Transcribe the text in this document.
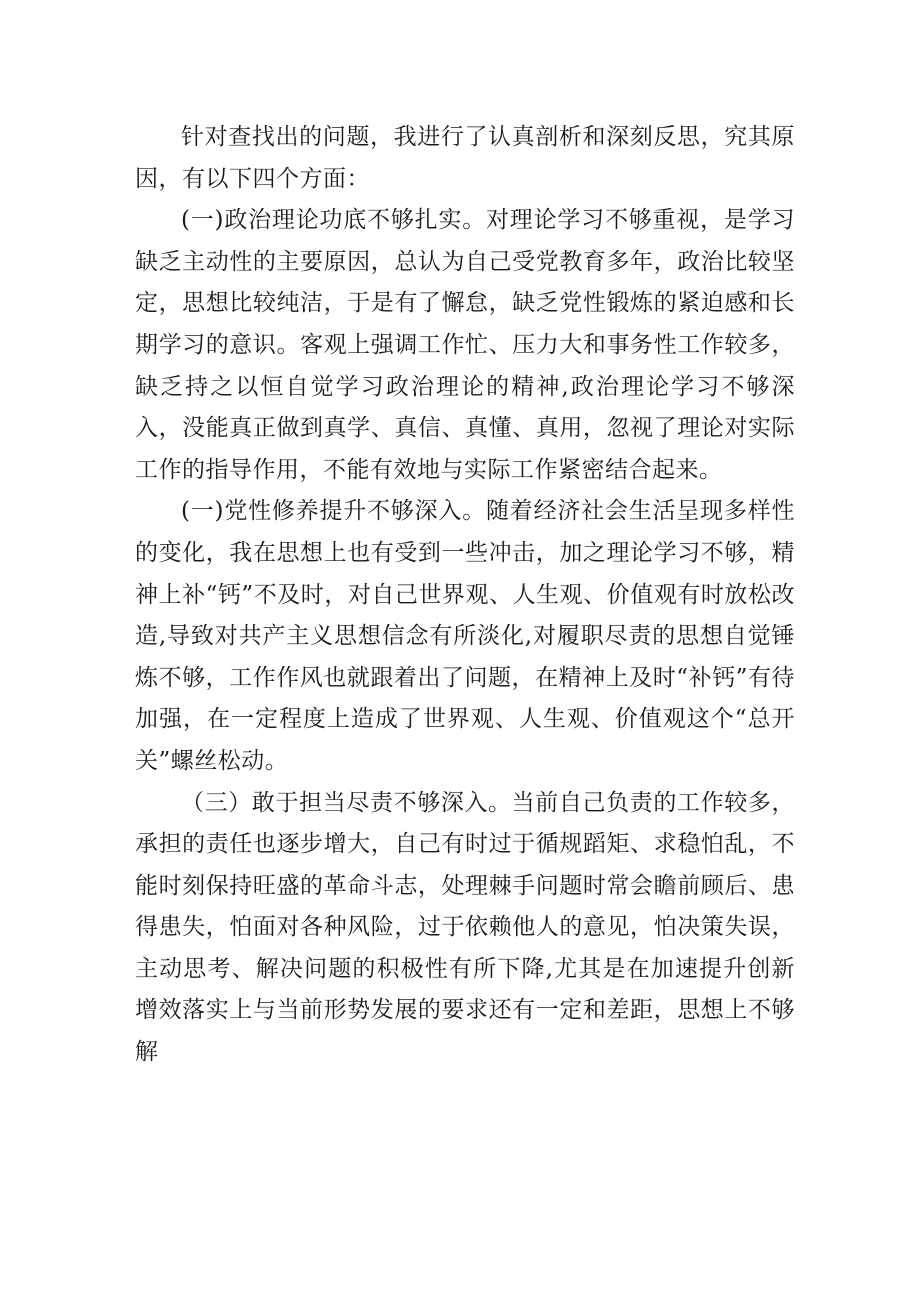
针对查找出的问题，我进行了认真剖析和深刻反思，究其原因，有以下四个方面：

(一)政治理论功底不够扎实。对理论学习不够重视，是学习缺乏主动性的主要原因，总认为自己受党教育多年，政治比较坚定，思想比较纯洁，于是有了懈怠，缺乏党性锻炼的紧迫感和长期学习的意识。客观上强调工作忙、压力大和事务性工作较多，缺乏持之以恒自觉学习政治理论的精神,政治理论学习不够深入，没能真正做到真学、真信、真懂、真用，忽视了理论对实际工作的指导作用，不能有效地与实际工作紧密结合起来。

(一)党性修养提升不够深入。随着经济社会生活呈现多样性的变化，我在思想上也有受到一些冲击，加之理论学习不够，精神上补“钙”不及时，对自己世界观、人生观、价值观有时放松改造,导致对共产主义思想信念有所淡化,对履职尽责的思想自觉锤炼不够，工作作风也就跟着出了问题，在精神上及时“补钙”有待加强，在一定程度上造成了世界观、人生观、价值观这个“总开关”螺丝松动。

（三）敢于担当尽责不够深入。当前自己负责的工作较多，承担的责任也逐步增大，自己有时过于循规蹈矩、求稳怕乱，不能时刻保持旺盛的革命斗志，处理棘手问题时常会瞻前顾后、患得患失，怕面对各种风险，过于依赖他人的意见，怕决策失误，主动思考、解决问题的积极性有所下降,尤其是在加速提升创新增效落实上与当前形势发展的要求还有一定和差距，思想上不够解
